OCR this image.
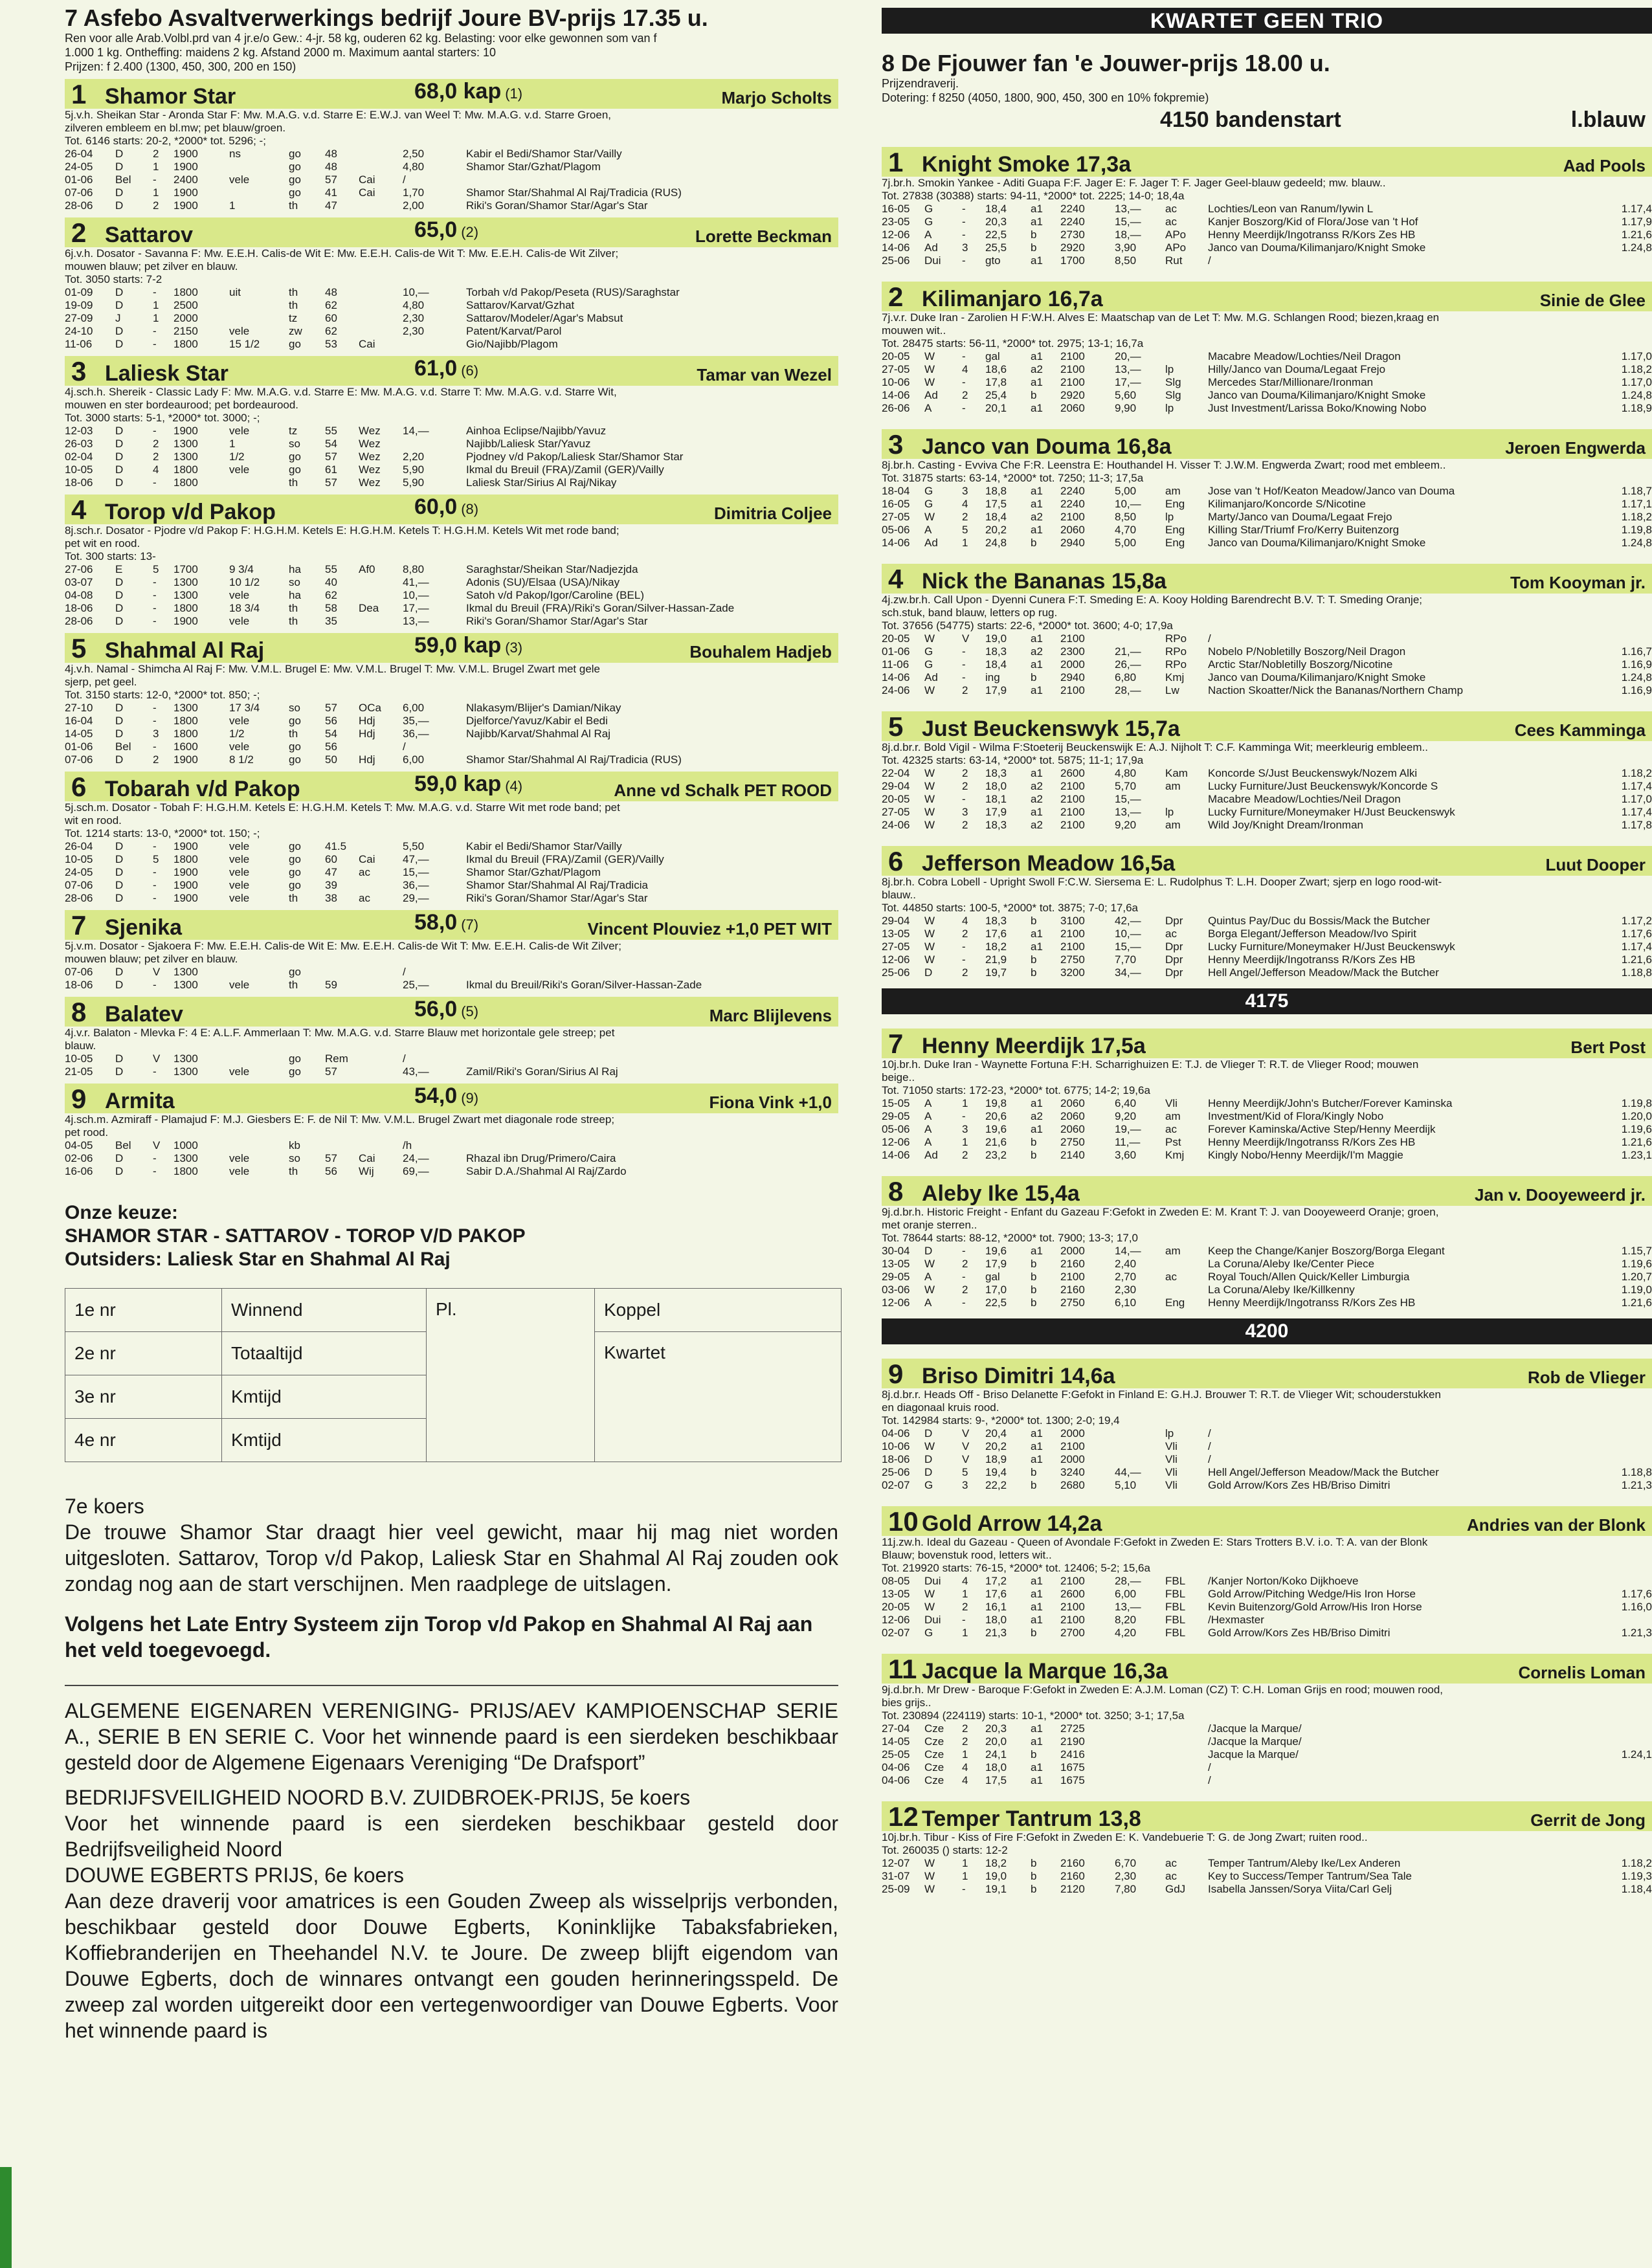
7 Asfebo Asvaltverwerkings bedrijf Joure BV-prijs 17.35 u.
Ren voor alle Arab.Volbl.prd van 4 jr.e/o Gew.: 4-jr. 58 kg, ouderen 62 kg. Belasting: voor elke gewonnen som van f
1.000 1 kg. Ontheffing: maidens 2 kg. Afstand 2000 m. Maximum aantal starters: 10
Prijzen: f 2.400 (1300, 450, 300, 200 en 150)
1 Shamor Star	68,0 kap (1)	Marjo Scholts
5j.v.h. Sheikan Star - Aronda Star F: Mw. M.A.G. v.d. Starre E: E.W.J. van Weel T: Mw. M.A.G. v.d. Starre Groen,
zilveren embleem en bl.mw; pet blauw/groen.
Tot. 6146 starts: 20-2, *2000* tot. 5296; -;
26-04	D	2	1900	ns	go	48		2,50	Kabir el Bedi/Shamor Star/Vailly
24-05	D	1	1900		go	48		4,80	Shamor Star/Gzhat/Plagom
01-06	Bel	-	2400	vele	go	57	Cai	/	
07-06	D	1	1900		go	41	Cai	1,70	Shamor Star/Shahmal Al Raj/Tradicia (RUS)
28-06	D	2	1900	1	th	47		2,00	Riki's Goran/Shamor Star/Agar's Star
2 Sattarov	65,0 (2)	Lorette Beckman
6j.v.h. Dosator - Savanna F: Mw. E.E.H. Calis-de Wit E: Mw. E.E.H. Calis-de Wit T: Mw. E.E.H. Calis-de Wit Zilver;
mouwen blauw; pet zilver en blauw.
Tot. 3050 starts: 7-2
01-09	D	-	1800	uit	th	48		10,—	Torbah v/d Pakop/Peseta (RUS)/Saraghstar
19-09	D	1	2500		th	62		4,80	Sattarov/Karvat/Gzhat
27-09	J	1	2000		tz	60		2,30	Sattarov/Modeler/Agar's Mabsut
24-10	D	-	2150	vele	zw	62		2,30	Patent/Karvat/Parol
11-06	D	-	1800	15 1/2	go	53	Cai		Gio/Najibb/Plagom
3 Laliesk Star	61,0 (6)	Tamar van Wezel
4j.sch.h. Shereik - Classic Lady F: Mw. M.A.G. v.d. Starre E: Mw. M.A.G. v.d. Starre T: Mw. M.A.G. v.d. Starre Wit,
mouwen en ster bordeaurood; pet bordeaurood.
Tot. 3000 starts: 5-1, *2000* tot. 3000; -;
12-03	D	-	1900	vele	tz	55	Wez	14,—	Ainhoa Eclipse/Najibb/Yavuz
26-03	D	2	1300	1	so	54	Wez		Najibb/Laliesk Star/Yavuz
02-04	D	2	1300	1/2	go	57	Wez	2,20	Pjodney v/d Pakop/Laliesk Star/Shamor Star
10-05	D	4	1800	vele	go	61	Wez	5,90	Ikmal du Breuil (FRA)/Zamil (GER)/Vailly
18-06	D	-	1800		th	57	Wez	5,90	Laliesk Star/Sirius Al Raj/Nikay
4 Torop v/d Pakop	60,0 (8)	Dimitria Coljee
8j.sch.r. Dosator - Pjodre v/d Pakop F: H.G.H.M. Ketels E: H.G.H.M. Ketels T: H.G.H.M. Ketels Wit met rode band;
pet wit en rood.
Tot. 300 starts: 13-
27-06	E	5	1700	9 3/4	ha	55	Af0	8,80	Saraghstar/Sheikan Star/Nadjezjda
03-07	D	-	1300	10 1/2	so	40		41,—	Adonis (SU)/Elsaa (USA)/Nikay
04-08	D	-	1300	vele	ha	62		10,—	Satoh v/d Pakop/Igor/Caroline (BEL)
18-06	D	-	1800	18 3/4	th	58	Dea	17,—	Ikmal du Breuil (FRA)/Riki's Goran/Silver-Hassan-Zade
28-06	D	-	1900	vele	th	35		13,—	Riki's Goran/Shamor Star/Agar's Star
5 Shahmal Al Raj	59,0 kap (3)	Bouhalem Hadjeb
4j.v.h. Namal - Shimcha Al Raj F: Mw. V.M.L. Brugel E: Mw. V.M.L. Brugel T: Mw. V.M.L. Brugel Zwart met gele
sjerp, pet geel.
Tot. 3150 starts: 12-0, *2000* tot. 850; -;
27-10	D	-	1300	17 3/4	so	57	OCa	6,00	Nlakasym/Blijer's Damian/Nikay
16-04	D	-	1800	vele	go	56	Hdj	35,—	Djelforce/Yavuz/Kabir el Bedi
14-05	D	3	1800	1/2	th	54	Hdj	36,—	Najibb/Karvat/Shahmal Al Raj
01-06	Bel	-	1600	vele	go	56		/	
07-06	D	2	1900	8 1/2	go	50	Hdj	6,00	Shamor Star/Shahmal Al Raj/Tradicia (RUS)
6 Tobarah v/d Pakop	59,0 kap (4)	Anne vd Schalk PET ROOD
5j.sch.m. Dosator - Tobah F: H.G.H.M. Ketels E: H.G.H.M. Ketels T: Mw. M.A.G. v.d. Starre Wit met rode band; pet
wit en rood.
Tot. 1214 starts: 13-0, *2000* tot. 150; -;
26-04	D	-	1900	vele	go	41.5		5,50	Kabir el Bedi/Shamor Star/Vailly
10-05	D	5	1800	vele	go	60	Cai	47,—	Ikmal du Breuil (FRA)/Zamil (GER)/Vailly
24-05	D	-	1900	vele	go	47	ac	15,—	Shamor Star/Gzhat/Plagom
07-06	D	-	1900	vele	go	39		36,—	Shamor Star/Shahmal Al Raj/Tradicia
28-06	D	-	1900	vele	th	38	ac	29,—	Riki's Goran/Shamor Star/Agar's Star
7 Sjenika	58,0 (7)	Vincent Plouviez +1,0 PET WIT
5j.v.m. Dosator - Sjakoera F: Mw. E.E.H. Calis-de Wit E: Mw. E.E.H. Calis-de Wit T: Mw. E.E.H. Calis-de Wit Zilver;
mouwen blauw; pet zilver en blauw.
07-06	D	V	1300		go			/	
18-06	D	-	1300	vele	th	59		25,—	Ikmal du Breuil/Riki's Goran/Silver-Hassan-Zade
8 Balatev	56,0 (5)	Marc Blijlevens
4j.v.r. Balaton - Mlevka F: 4 E: A.L.F. Ammerlaan T: Mw. M.A.G. v.d. Starre Blauw met horizontale gele streep; pet
blauw.
10-05	D	V	1300		go	Rem		/	
21-05	D	-	1300	vele	go	57		43,—	Zamil/Riki's Goran/Sirius Al Raj
9 Armita	54,0 (9)	Fiona Vink +1,0
4j.sch.m. Azmiraff - Plamajud F: M.J. Giesbers E: F. de Nil T: Mw. V.M.L. Brugel Zwart met diagonale rode streep;
pet rood.
04-05	Bel	V	1000		kb			/h	
02-06	D	-	1300	vele	so	57	Cai	24,—	Rhazal ibn Drug/Primero/Caira
16-06	D	-	1800	vele	th	56	Wij	69,—	Sabir D.A./Shahmal Al Raj/Zardo
Onze keuze:
SHAMOR STAR - SATTAROV - TOROP V/D PAKOP
Outsiders: Laliesk Star en Shahmal Al Raj
1e nr	Winnend	Pl.	Koppel
2e nr	Totaaltijd		Kwartet
3e nr	Kmtijd		
4e nr	Kmtijd		
7e koers
De trouwe Shamor Star draagt hier veel gewicht, maar hij mag niet worden uitgesloten. Sattarov, Torop v/d Pakop, Laliesk Star en Shahmal Al Raj zouden ook zondag nog aan de start verschijnen. Men raadplege de uitslagen.
Volgens het Late Entry Systeem zijn Torop v/d Pakop en Shahmal Al Raj aan het veld toegevoegd.
ALGEMENE EIGENAREN VERENIGING- PRIJS/AEV KAMPIOENSCHAP SERIE A., SERIE B EN SERIE C. Voor het winnende paard is een sierdeken beschikbaar gesteld door de Algemene Eigenaars Vereniging “De Drafsport”
BEDRIJFSVEILIGHEID NOORD B.V. ZUIDBROEK-PRIJS, 5e koers
Voor het winnende paard is een sierdeken beschikbaar gesteld door Bedrijfsveiligheid Noord
DOUWE EGBERTS PRIJS, 6e koers
Aan deze draverij voor amatrices is een Gouden Zweep als wisselprijs verbonden, beschikbaar gesteld door Douwe Egberts, Koninklijke Tabaksfabrieken, Koffiebranderijen en Theehandel N.V. te Joure. De zweep blijft eigendom van Douwe Egberts, doch de winnares ontvangt een gouden herinneringsspeld. De zweep zal worden uitgereikt door een vertegenwoordiger van Douwe Egberts. Voor het winnende paard is
KWARTET GEEN TRIO
8 De Fjouwer fan 'e Jouwer-prijs 18.00 u.
Prijzendraverij.
Dotering: f 8250 (4050, 1800, 900, 450, 300 en 10% fokpremie)
4150 bandenstart	l.blauw
1 Knight Smoke 17,3a	Aad Pools
7j.br.h. Smokin Yankee - Aditi Guapa F:F. Jager E: F. Jager T: F. Jager Geel-blauw gedeeld; mw. blauw..
Tot. 27838 (30388) starts: 94-11, *2000* tot. 2225; 14-0; 18,4a
16-05	G	-	18,4	a1	2240	13,—	ac	Lochties/Leon van Ranum/Iywin L	1.17,4
23-05	G	-	20,3	a1	2240	15,—	ac	Kanjer Boszorg/Kid of Flora/Jose van 't Hof	1.17,9
12-06	A	-	22,5	b	2730	18,—	APo	Henny Meerdijk/Ingotranss R/Kors Zes HB	1.21,6
14-06	Ad	3	25,5	b	2920	3,90	APo	Janco van Douma/Kilimanjaro/Knight Smoke	1.24,8
25-06	Dui	-	gto	a1	1700	8,50	Rut	/	
2 Kilimanjaro 16,7a	Sinie de Glee
7j.v.r. Duke Iran - Zarolien H F:W.H. Alves E: Maatschap van de Let T: Mw. M.G. Schlangen Rood; biezen,kraag en
mouwen wit..
Tot. 28475 starts: 56-11, *2000* tot. 2975; 13-1; 16,7a
20-05	W	-	gal	a1	2100	20,—		Macabre Meadow/Lochties/Neil Dragon	1.17,0
27-05	W	4	18,6	a2	2100	13,—	lp	Hilly/Janco van Douma/Legaat Frejo	1.18,2
10-06	W	-	17,8	a1	2100	17,—	Slg	Mercedes Star/Millionare/Ironman	1.17,0
14-06	Ad	2	25,4	b	2920	5,60	Slg	Janco van Douma/Kilimanjaro/Knight Smoke	1.24,8
26-06	A	-	20,1	a1	2060	9,90	lp	Just Investment/Larissa Boko/Knowing Nobo	1.18,9
3 Janco van Douma 16,8a	Jeroen Engwerda
8j.br.h. Casting - Evviva Che F:R. Leenstra E: Houthandel H. Visser T: J.W.M. Engwerda Zwart; rood met embleem..
Tot. 31875 starts: 63-14, *2000* tot. 7250; 11-3; 17,5a
18-04	G	3	18,8	a1	2240	5,00	am	Jose van 't Hof/Keaton Meadow/Janco van Douma	1.18,7
16-05	G	4	17,5	a1	2240	10,—	Eng	Kilimanjaro/Koncorde S/Nicotine	1.17,1
27-05	W	2	18,4	a2	2100	8,50	lp	Marty/Janco van Douma/Legaat Frejo	1.18,2
05-06	A	5	20,2	a1	2060	4,70	Eng	Killing Star/Triumf Fro/Kerry Buitenzorg	1.19,8
14-06	Ad	1	24,8	b	2940	5,00	Eng	Janco van Douma/Kilimanjaro/Knight Smoke	1.24,8
4 Nick the Bananas 15,8a	Tom Kooyman jr.
4j.zw.br.h. Call Upon - Dyenni Cunera F:T. Smeding E: A. Kooy Holding Barendrecht B.V. T: T. Smeding Oranje;
sch.stuk, band blauw, letters op rug.
Tot. 37656 (54775) starts: 22-6, *2000* tot. 3600; 4-0; 17,9a
20-05	W	V	19,0	a1	2100		RPo	/	
01-06	G	-	18,3	a2	2300	21,—	RPo	Nobelo P/Nobletilly Boszorg/Neil Dragon	1.16,7
11-06	G	-	18,4	a1	2000	26,—	RPo	Arctic Star/Nobletilly Boszorg/Nicotine	1.16,9
14-06	Ad	-	ing	b	2940	6,80	Kmj	Janco van Douma/Kilimanjaro/Knight Smoke	1.24,8
24-06	W	2	17,9	a1	2100	28,—	Lw	Naction Skoatter/Nick the Bananas/Northern Champ	1.16,9
5 Just Beuckenswyk 15,7a	Cees Kamminga
8j.d.br.r. Bold Vigil - Wilma F:Stoeterij Beuckenswijk E: A.J. Nijholt T: C.F. Kamminga Wit; meerkleurig embleem..
Tot. 42325 starts: 63-14, *2000* tot. 5875; 11-1; 17,9a
22-04	W	2	18,3	a1	2600	4,80	Kam	Koncorde S/Just Beuckenswyk/Nozem Alki	1.18,2
29-04	W	2	18,0	a2	2100	5,70	am	Lucky Furniture/Just Beuckenswyk/Koncorde S	1.17,4
20-05	W	-	18,1	a2	2100	15,—		Macabre Meadow/Lochties/Neil Dragon	1.17,0
27-05	W	3	17,9	a1	2100	13,—	lp	Lucky Furniture/Moneymaker H/Just Beuckenswyk	1.17,4
24-06	W	2	18,3	a2	2100	9,20	am	Wild Joy/Knight Dream/Ironman	1.17,8
6 Jefferson Meadow 16,5a	Luut Dooper
8j.br.h. Cobra Lobell - Upright Swoll F:C.W. Siersema E: L. Rudolphus T: L.H. Dooper Zwart; sjerp en logo rood-wit-
blauw..
Tot. 44850 starts: 100-5, *2000* tot. 3875; 7-0; 17,6a
29-04	W	4	18,3	b	3100	42,—	Dpr	Quintus Pay/Duc du Bossis/Mack the Butcher	1.17,2
13-05	W	2	17,6	a1	2100	10,—	ac	Borga Elegant/Jefferson Meadow/Ivo Spirit	1.17,6
27-05	W	-	18,2	a1	2100	15,—	Dpr	Lucky Furniture/Moneymaker H/Just Beuckenswyk	1.17,4
12-06	W	-	21,9	b	2750	7,70	Dpr	Henny Meerdijk/Ingotranss R/Kors Zes HB	1.21,6
25-06	D	2	19,7	b	3200	34,—	Dpr	Hell Angel/Jefferson Meadow/Mack the Butcher	1.18,8
4175
7 Henny Meerdijk 17,5a	Bert Post
10j.br.h. Duke Iran - Waynette Fortuna F:H. Scharrighuizen E: T.J. de Vlieger T: R.T. de Vlieger Rood; mouwen
beige..
Tot. 71050 starts: 172-23, *2000* tot. 6775; 14-2; 19,6a
15-05	A	1	19,8	a1	2060	6,40	Vli	Henny Meerdijk/John's Butcher/Forever Kaminska	1.19,8
29-05	A	-	20,6	a2	2060	9,20	am	Investment/Kid of Flora/Kingly Nobo	1.20,0
05-06	A	3	19,6	a1	2060	19,—	ac	Forever Kaminska/Active Step/Henny Meerdijk	1.19,6
12-06	A	1	21,6	b	2750	11,—	Pst	Henny Meerdijk/Ingotranss R/Kors Zes HB	1.21,6
14-06	Ad	2	23,2	b	2140	3,60	Kmj	Kingly Nobo/Henny Meerdijk/I'm Maggie	1.23,1
8 Aleby Ike 15,4a	Jan v. Dooyeweerd jr.
9j.d.br.h. Historic Freight - Enfant du Gazeau F:Gefokt in Zweden E: M. Krant T: J. van Dooyeweerd Oranje; groen,
met oranje sterren..
Tot. 78644 starts: 88-12, *2000* tot. 7900; 13-3; 17,0
30-04	D	-	19,6	a1	2000	14,—	am	Keep the Change/Kanjer Boszorg/Borga Elegant	1.15,7
13-05	W	2	17,9	b	2160	2,40		La Coruna/Aleby Ike/Center Piece	1.19,6
29-05	A	-	gal	b	2100	2,70	ac	Royal Touch/Allen Quick/Keller Limburgia	1.20,7
03-06	W	2	17,0	b	2160	2,30		La Coruna/Aleby Ike/Killkenny	1.19,0
12-06	A	-	22,5	b	2750	6,10	Eng	Henny Meerdijk/Ingotranss R/Kors Zes HB	1.21,6
4200
9 Briso Dimitri 14,6a	Rob de Vlieger
8j.d.br.r. Heads Off - Briso Delanette F:Gefokt in Finland E: G.H.J. Brouwer T: R.T. de Vlieger Wit; schouderstukken
en diagonaal kruis rood.
Tot. 142984 starts: 9-, *2000* tot. 1300; 2-0; 19,4
04-06	D	V	20,4	a1	2000		lp	/	
10-06	W	V	20,2	a1	2100		Vli	/	
18-06	D	V	18,9	a1	2000		Vli	/	
25-06	D	5	19,4	b	3240	44,—	Vli	Hell Angel/Jefferson Meadow/Mack the Butcher	1.18,8
02-07	G	3	22,2	b	2680	5,10	Vli	Gold Arrow/Kors Zes HB/Briso Dimitri	1.21,3
10 Gold Arrow 14,2a	Andries van der Blonk
11j.zw.h. Ideal du Gazeau - Queen of Avondale F:Gefokt in Zweden E: Stars Trotters B.V. i.o. T: A. van der Blonk
Blauw; bovenstuk rood, letters wit..
Tot. 219920 starts: 76-15, *2000* tot. 12406; 5-2; 15,6a
08-05	Dui	4	17,2	a1	2100	28,—	FBL	/Kanjer Norton/Koko Dijkhoeve	
13-05	W	1	17,6	a1	2600	6,00	FBL	Gold Arrow/Pitching Wedge/His Iron Horse	1.17,6
20-05	W	2	16,1	a1	2100	13,—	FBL	Kevin Buitenzorg/Gold Arrow/His Iron Horse	1.16,0
12-06	Dui	-	18,0	a1	2100	8,20	FBL	/Hexmaster	
02-07	G	1	21,3	b	2700	4,20	FBL	Gold Arrow/Kors Zes HB/Briso Dimitri	1.21,3
11 Jacque la Marque 16,3a	Cornelis Loman
9j.d.br.h. Mr Drew - Baroque F:Gefokt in Zweden E: A.J.M. Loman (CZ) T: C.H. Loman Grijs en rood; mouwen rood,
bies grijs..
Tot. 230894 (224119) starts: 10-1, *2000* tot. 3250; 3-1; 17,5a
27-04	Cze	2	20,3	a1	2725			/Jacque la Marque/	
14-05	Cze	2	20,0	a1	2190			/Jacque la Marque/	
25-05	Cze	1	24,1	b	2416			Jacque la Marque/	1.24,1
04-06	Cze	4	18,0	a1	1675			/	
04-06	Cze	4	17,5	a1	1675			/	
12 Temper Tantrum 13,8	Gerrit de Jong
10j.br.h. Tibur - Kiss of Fire F:Gefokt in Zweden E: K. Vandebuerie T: G. de Jong Zwart; ruiten rood..
Tot. 260035 () starts: 12-2
12-07	W	1	18,2	b	2160	6,70	ac	Temper Tantrum/Aleby Ike/Lex Anderen	1.18,2
31-07	W	1	19,0	b	2160	2,30	ac	Key to Success/Temper Tantrum/Sea Tale	1.19,3
25-09	W	-	19,1	b	2120	7,80	GdJ	Isabella Janssen/Sorya Viita/Carl Gelj	1.18,4
